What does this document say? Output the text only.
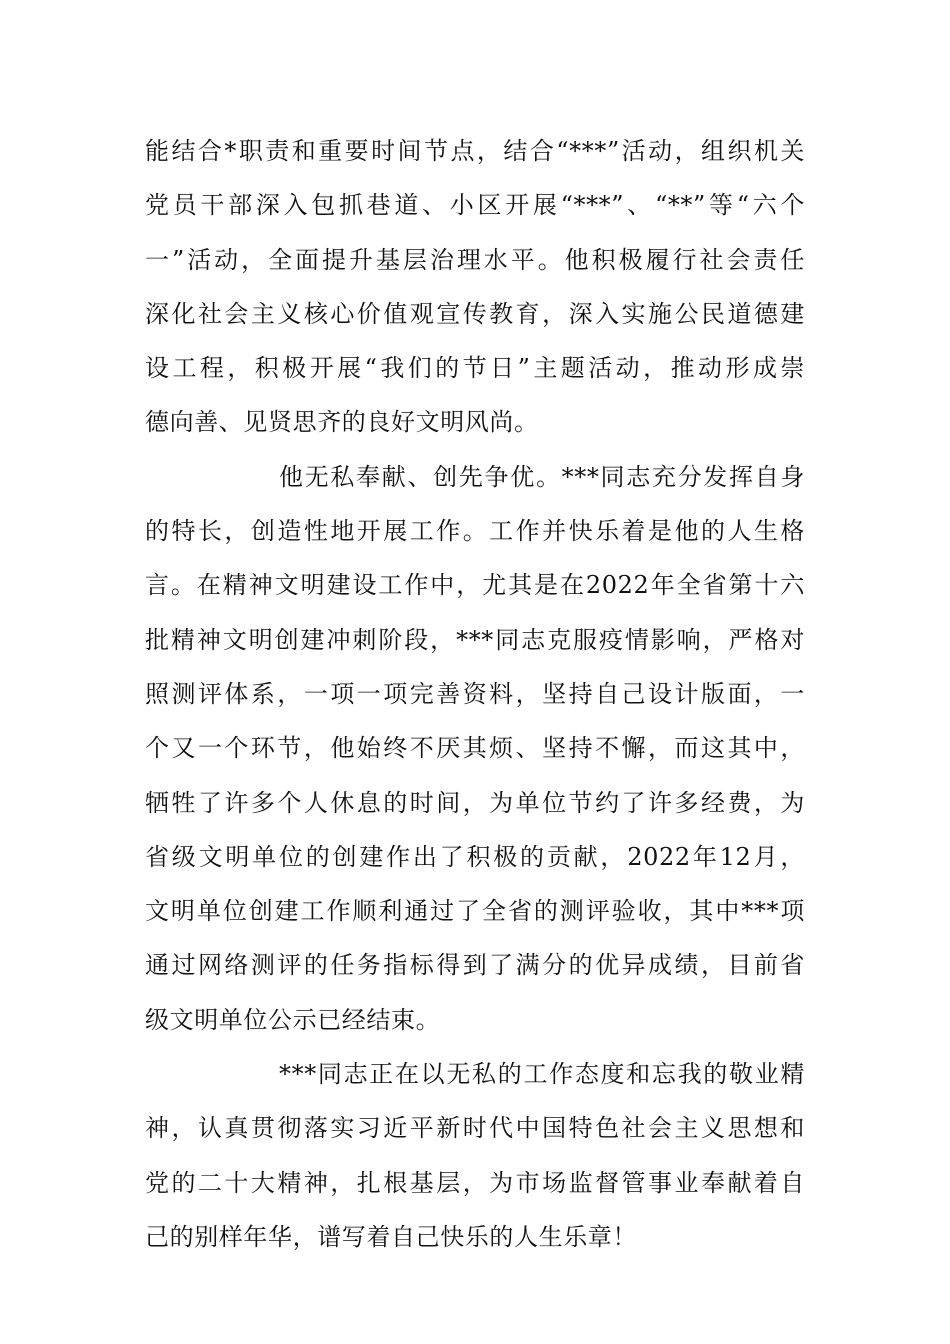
能结合*职责和重要时间节点，结合“***”活动，组织机关
党员干部深入包抓巷道、小区开展“***”、“**”等“六个
一”活动，全面提升基层治理水平。他积极履行社会责任
深化社会主义核心价值观宣传教育，深入实施公民道德建
设工程，积极开展“我们的节日”主题活动，推动形成崇
德向善、见贤思齐的良好文明风尚。
他无私奉献、创先争优。***同志充分发挥自身
的特长，创造性地开展工作。工作并快乐着是他的人生格
言。在精神文明建设工作中，尤其是在2022年全省第十六
批精神文明创建冲刺阶段，***同志克服疫情影响，严格对
照测评体系，一项一项完善资料，坚持自己设计版面，一
个又一个环节，他始终不厌其烦、坚持不懈，而这其中，
牺牲了许多个人休息的时间，为单位节约了许多经费，为
省级文明单位的创建作出了积极的贡献，2022年12月，
文明单位创建工作顺利通过了全省的测评验收，其中***项
通过网络测评的任务指标得到了满分的优异成绩，目前省
级文明单位公示已经结束。
***同志正在以无私的工作态度和忘我的敬业精
神，认真贯彻落实习近平新时代中国特色社会主义思想和
党的二十大精神，扎根基层，为市场监督管事业奉献着自
己的别样年华，谱写着自己快乐的人生乐章！
